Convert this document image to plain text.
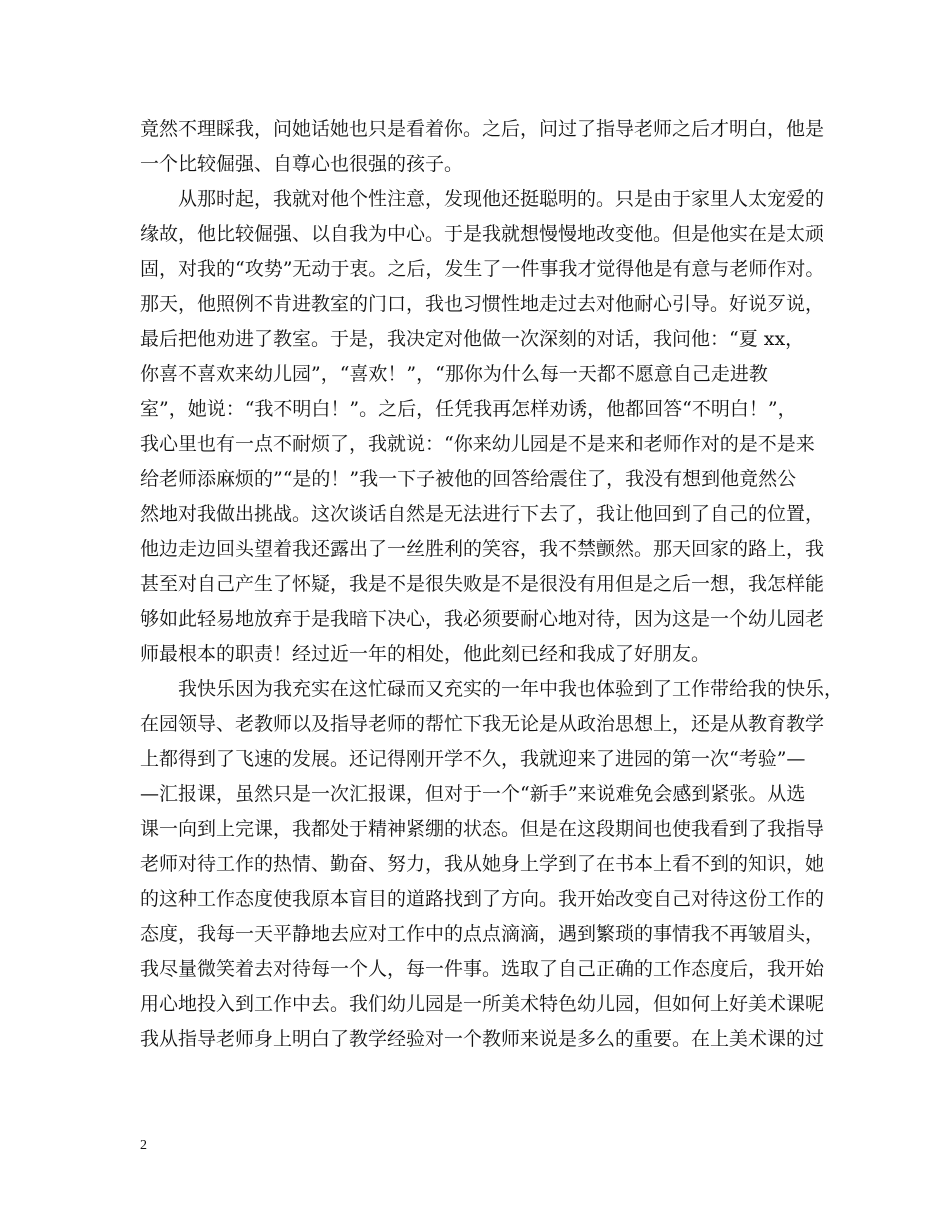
竟然不理睬我，问她话她也只是看着你。之后，问过了指导老师之后才明白，他是
一个比较倔强、自尊心也很强的孩子。
从那时起，我就对他个性注意，发现他还挺聪明的。只是由于家里人太宠爱的
缘故，他比较倔强、以自我为中心。于是我就想慢慢地改变他。但是他实在是太顽
固，对我的“攻势”无动于衷。之后，发生了一件事我才觉得他是有意与老师作对。
那天，他照例不肯进教室的门口，我也习惯性地走过去对他耐心引导。好说歹说，
最后把他劝进了教室。于是，我决定对他做一次深刻的对话，我问他：“夏 xx，
你喜不喜欢来幼儿园”，“喜欢！”，“那你为什么每一天都不愿意自己走进教
室”，她说：“我不明白！”。之后，任凭我再怎样劝诱，他都回答“不明白！”，
我心里也有一点不耐烦了，我就说：“你来幼儿园是不是来和老师作对的是不是来
给老师添麻烦的”“是的！”我一下子被他的回答给震住了，我没有想到他竟然公
然地对我做出挑战。这次谈话自然是无法进行下去了，我让他回到了自己的位置，
他边走边回头望着我还露出了一丝胜利的笑容，我不禁颤然。那天回家的路上，我
甚至对自己产生了怀疑，我是不是很失败是不是很没有用但是之后一想，我怎样能
够如此轻易地放弃于是我暗下决心，我必须要耐心地对待，因为这是一个幼儿园老
师最根本的职责！经过近一年的相处，他此刻已经和我成了好朋友。
我快乐因为我充实在这忙碌而又充实的一年中我也体验到了工作带给我的快乐，
在园领导、老教师以及指导老师的帮忙下我无论是从政治思想上，还是从教育教学
上都得到了飞速的发展。还记得刚开学不久，我就迎来了进园的第一次“考验”—
—汇报课，虽然只是一次汇报课，但对于一个“新手”来说难免会感到紧张。从选
课一向到上完课，我都处于精神紧绷的状态。但是在这段期间也使我看到了我指导
老师对待工作的热情、勤奋、努力，我从她身上学到了在书本上看不到的知识，她
的这种工作态度使我原本盲目的道路找到了方向。我开始改变自己对待这份工作的
态度，我每一天平静地去应对工作中的点点滴滴，遇到繁琐的事情我不再皱眉头，
我尽量微笑着去对待每一个人，每一件事。选取了自己正确的工作态度后，我开始
用心地投入到工作中去。我们幼儿园是一所美术特色幼儿园，但如何上好美术课呢
我从指导老师身上明白了教学经验对一个教师来说是多么的重要。在上美术课的过
2
